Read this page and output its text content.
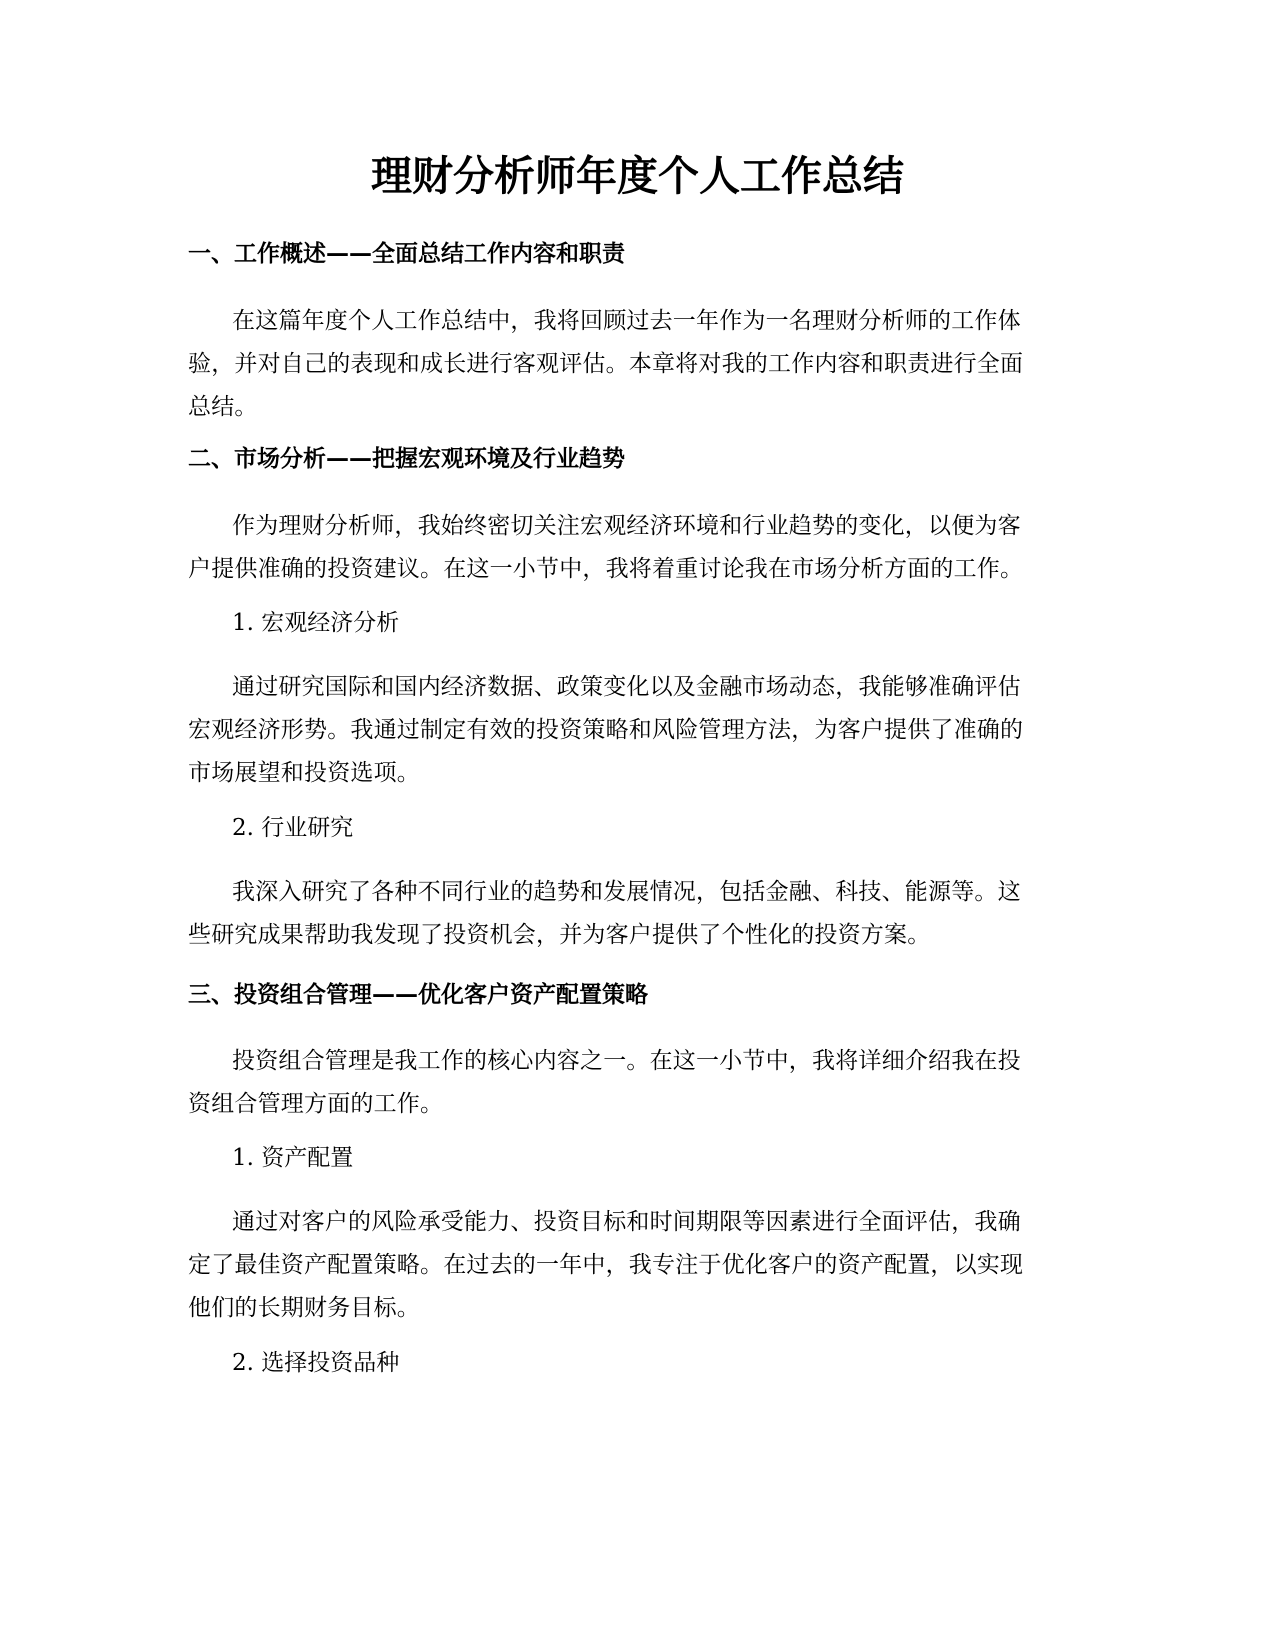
理财分析师年度个人工作总结
一、工作概述——全面总结工作内容和职责

在这篇年度个人工作总结中，我将回顾过去一年作为一名理财分析师的工作体
验，并对自己的表现和成长进行客观评估。本章将对我的工作内容和职责进行全面
总结。

二、市场分析——把握宏观环境及行业趋势

作为理财分析师，我始终密切关注宏观经济环境和行业趋势的变化，以便为客
户提供准确的投资建议。在这一小节中，我将着重讨论我在市场分析方面的工作。

1. 宏观经济分析

通过研究国际和国内经济数据、政策变化以及金融市场动态，我能够准确评估
宏观经济形势。我通过制定有效的投资策略和风险管理方法，为客户提供了准确的
市场展望和投资选项。

2. 行业研究

我深入研究了各种不同行业的趋势和发展情况，包括金融、科技、能源等。这
些研究成果帮助我发现了投资机会，并为客户提供了个性化的投资方案。

三、投资组合管理——优化客户资产配置策略

投资组合管理是我工作的核心内容之一。在这一小节中，我将详细介绍我在投
资组合管理方面的工作。

1. 资产配置

通过对客户的风险承受能力、投资目标和时间期限等因素进行全面评估，我确
定了最佳资产配置策略。在过去的一年中，我专注于优化客户的资产配置，以实现
他们的长期财务目标。

2. 选择投资品种
